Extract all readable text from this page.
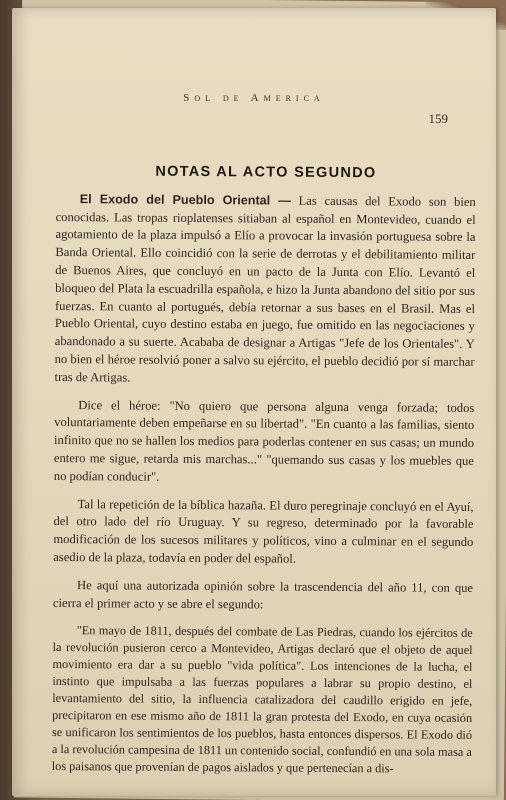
Sol de America
159
NOTAS AL ACTO SEGUNDO

El Exodo del Pueblo Oriental — Las causas del Exodo son bien conocidas. Las tropas rioplatenses sitiaban al español en Montevideo, cuando el agotamiento de la plaza impulsó a Elío a provocar la invasión portuguesa sobre la Banda Oriental. Ello coincidió con la serie de derrotas y el debilitamiento militar de Buenos Aires, que concluyó en un pacto de la Junta con Elío. Levantó el bloqueo del Plata la escuadrilla española, e hizo la Junta abandono del sitio por sus fuerzas. En cuanto al portugués, debía retornar a sus bases en el Brasil. Mas el Pueblo Oriental, cuyo destino estaba en juego, fue omitido en las negociaciones y abandonado a su suerte. Acababa de designar a Artigas "Jefe de los Orientales". Y no bien el héroe resolvió poner a salvo su ejército, el pueblo decidió por sí marchar tras de Artigas.

Dice el héroe: "No quiero que persona alguna venga forzada; todos voluntariamente deben empeñarse en su libertad". "En cuanto a las familias, siento infinito que no se hallen los medios para poderlas contener en sus casas; un mundo entero me sigue, retarda mis marchas..." "quemando sus casas y los muebles que no podían conducir".

Tal la repetición de la bíblica hazaña. El duro peregrinaje concluyó en el Ayuí, del otro lado del río Uruguay. Y su regreso, determinado por la favorable modificación de los sucesos militares y políticos, vino a culminar en el segundo asedio de la plaza, todavía en poder del español.

He aquí una autorizada opinión sobre la trascendencia del año 11, con que cierra el primer acto y se abre el segundo:

"En mayo de 1811, después del combate de Las Piedras, cuando los ejércitos de la revolución pusieron cerco a Montevideo, Artigas declaró que el objeto de aquel movimiento era dar a su pueblo "vida política". Los intenciones de la lucha, el instinto que impulsaba a las fuerzas populares a labrar su propio destino, el levantamiento del sitio, la influencia catalizadora del caudillo erigido en jefe, precipitaron en ese mismo año de 1811 la gran protesta del Exodo, en cuya ocasión se unificaron los sentimientos de los pueblos, hasta entonces dispersos. El Exodo dió a la revolución campesina de 1811 un contenido social, confundió en una sola masa a los paisanos que provenían de pagos aislados y que pertenecían a dis-
